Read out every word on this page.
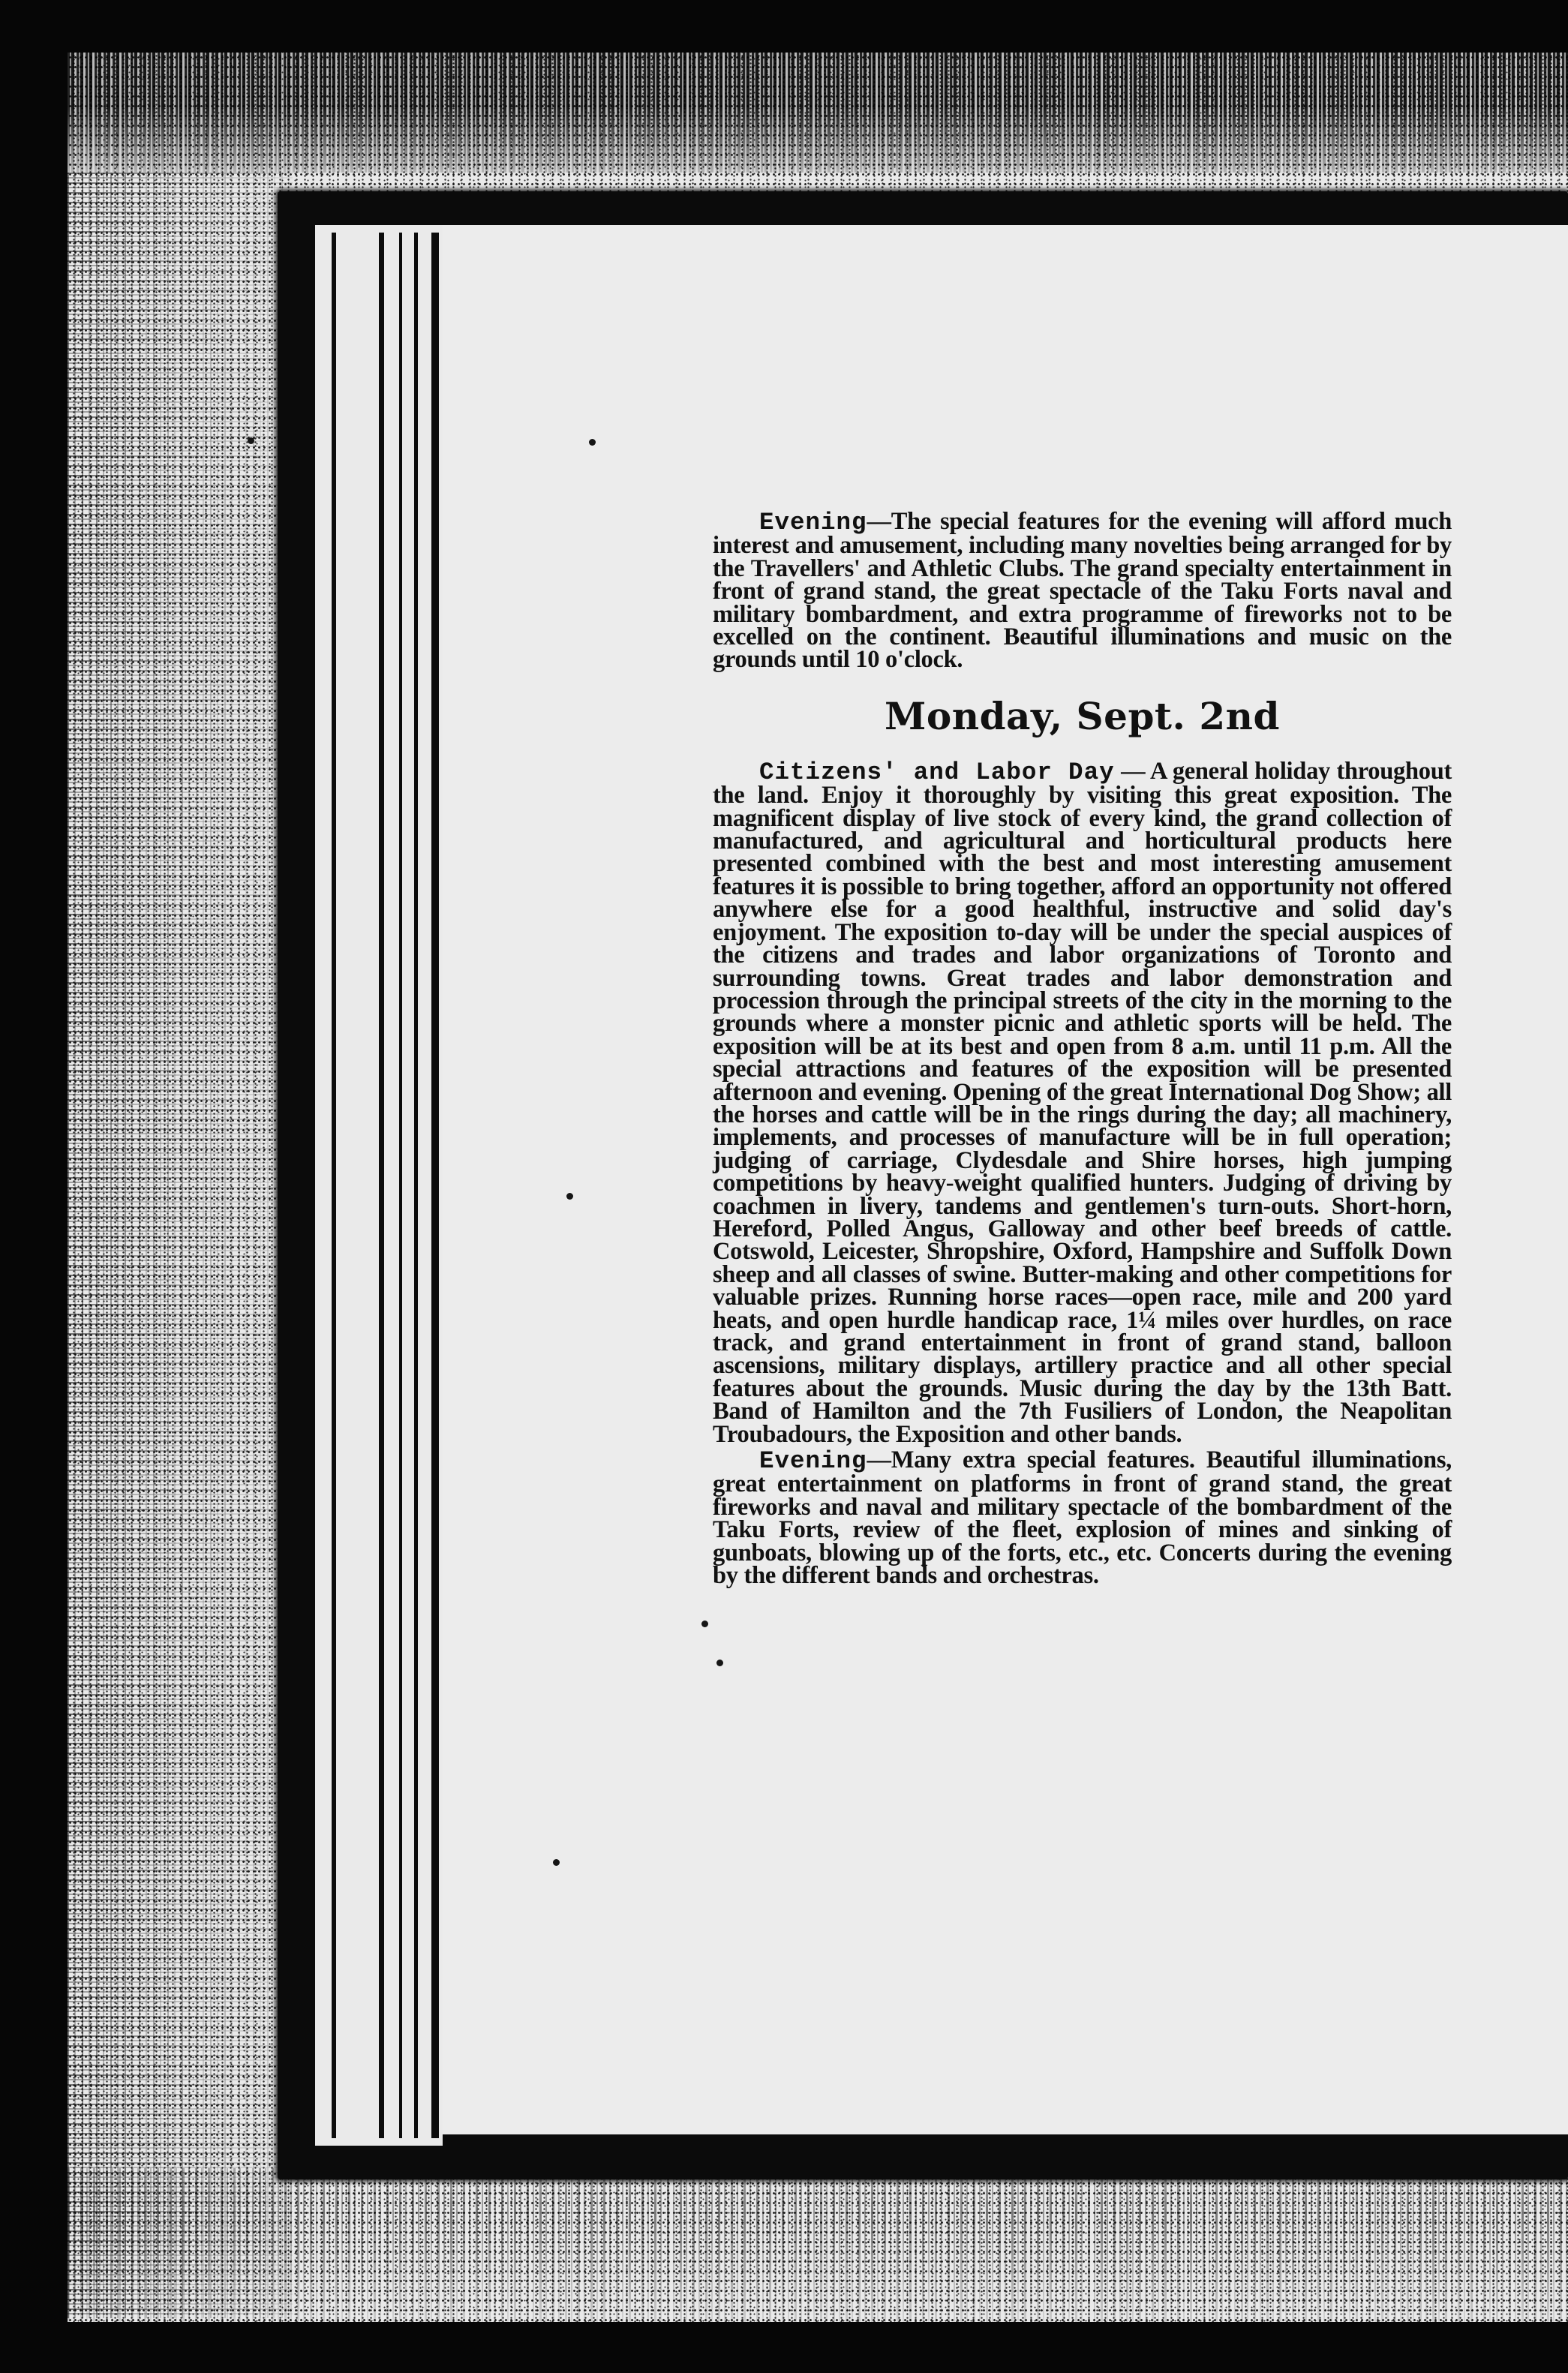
Evening—The special features for the evening will afford much interest and amusement, including many novelties being arranged for by the Travellers' and Athletic Clubs. The grand specialty entertainment in front of grand stand, the great spectacle of the Taku Forts naval and military bombardment, and extra programme of fireworks not to be excelled on the continent. Beautiful illuminations and music on the grounds until 10 o'clock.

Monday, Sept. 2nd

Citizens' and Labor Day — A general holiday throughout the land. Enjoy it thoroughly by visiting this great exposition. The magnificent display of live stock of every kind, the grand collection of manufactured, and agricultural and horticultural products here presented combined with the best and most interesting amusement features it is possible to bring together, afford an opportunity not offered anywhere else for a good healthful, instructive and solid day's enjoyment. The exposition to-day will be under the special auspices of the citizens and trades and labor organizations of Toronto and surrounding towns. Great trades and labor demonstration and procession through the principal streets of the city in the morning to the grounds where a monster picnic and athletic sports will be held. The exposition will be at its best and open from 8 a.m. until 11 p.m. All the special attractions and features of the exposition will be presented afternoon and evening. Opening of the great International Dog Show; all the horses and cattle will be in the rings during the day; all machinery, implements, and processes of manufacture will be in full operation; judging of carriage, Clydesdale and Shire horses, high jumping competitions by heavy-weight qualified hunters. Judging of driving by coachmen in livery, tandems and gentlemen's turn-outs. Short-horn, Hereford, Polled Angus, Galloway and other beef breeds of cattle. Cotswold, Leicester, Shropshire, Oxford, Hampshire and Suffolk Down sheep and all classes of swine. Butter-making and other competitions for valuable prizes. Running horse races—open race, mile and 200 yard heats, and open hurdle handicap race, 1¼ miles over hurdles, on race track, and grand entertainment in front of grand stand, balloon ascensions, military displays, artillery practice and all other special features about the grounds. Music during the day by the 13th Batt. Band of Hamilton and the 7th Fusiliers of London, the Neapolitan Troubadours, the Exposition and other bands.

Evening—Many extra special features. Beautiful illuminations, great entertainment on platforms in front of grand stand, the great fireworks and naval and military spectacle of the bombardment of the Taku Forts, review of the fleet, explosion of mines and sinking of gunboats, blowing up of the forts, etc., etc. Concerts during the evening by the different bands and orchestras.
